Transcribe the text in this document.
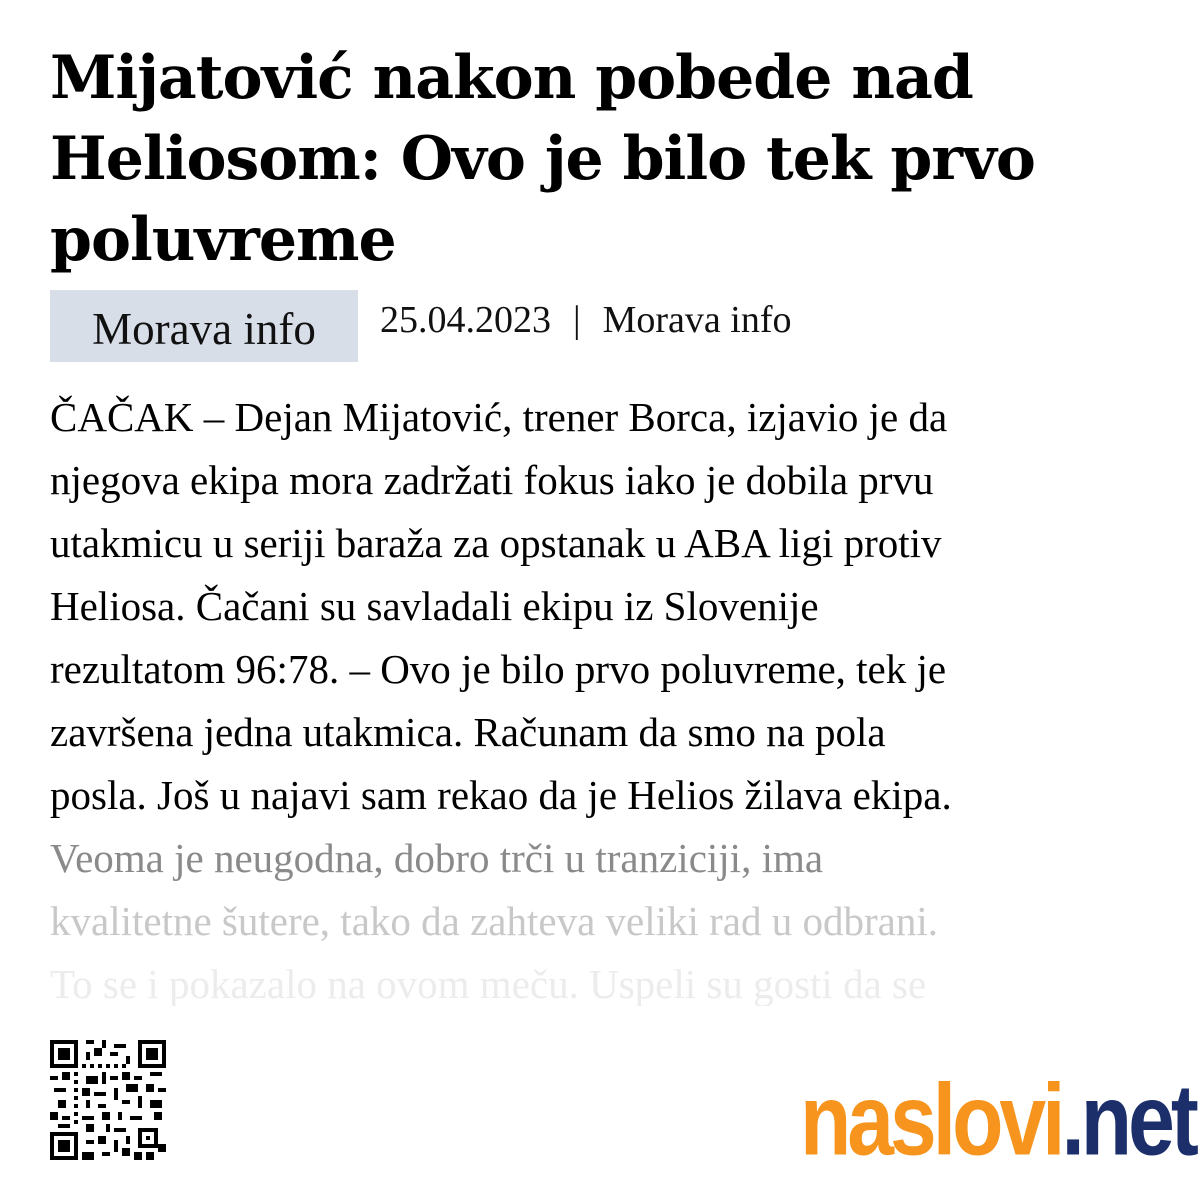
Mijatović nakon pobede nad Heliosom: Ovo je bilo tek prvo poluvreme
Morava info	25.04.2023 | Morava info
ČAČAK – Dejan Mijatović, trener Borca, izjavio je da
njegova ekipa mora zadržati fokus iako je dobila prvu
utakmicu u seriji baraža za opstanak u ABA ligi protiv
Heliosa. Čačani su savladali ekipu iz Slovenije
rezultatom 96:78. – Ovo je bilo prvo poluvreme, tek je
završena jedna utakmica. Računam da smo na pola
posla. Još u najavi sam rekao da je Helios žilava ekipa.
Veoma je neugodna, dobro trči u tranziciji, ima
kvalitetne šutere, tako da zahteva veliki rad u odbrani.
To se i pokazalo na ovom meču. Uspeli su gosti da se
naslovi .net
